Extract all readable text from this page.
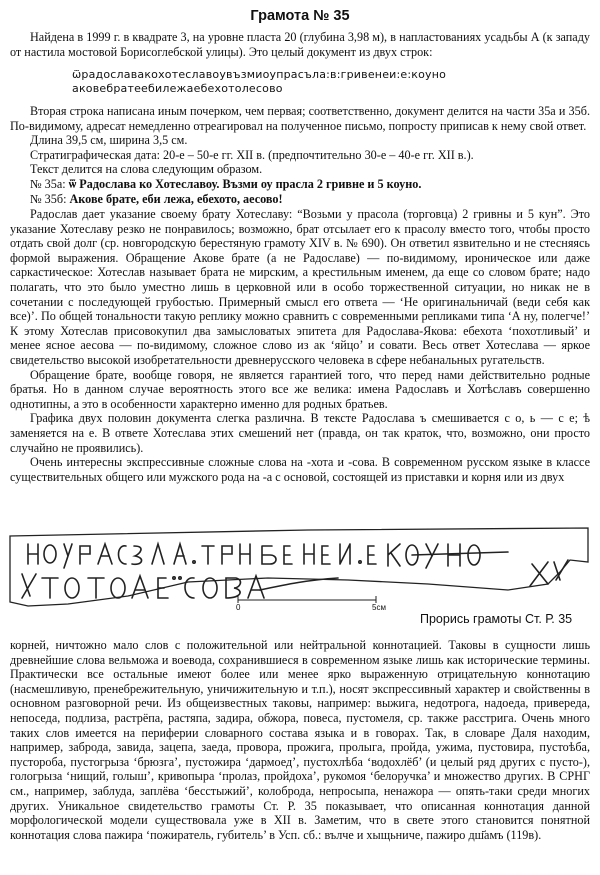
Грамота № 35

Найдена в 1999 г. в квадрате 3, на уровне пласта 20 (глубина 3,98 м), в напластованиях усадьбы А (к западу от настила мостовой Борисоглебской улицы). Это целый документ из двух строк:

ѿрадославакохотеславоувъзмиоупрасъла:в:гривенеи:е:коуно
аковебратеебилежаебехотолесово

Вторая строка написана иным почерком, чем первая; соответственно, документ делится на части 35а и 35б. По-видимому, адресат немедленно отреагировал на полученное письмо, попросту приписав к нему свой ответ.

Длина 39,5 см, ширина 3,5 см.

Стратиграфическая дата: 20-е – 50-е гг. XII в. (предпочтительно 30-е – 40-е гг. XII в.).

Текст делится на слова следующим образом.

№ 35а: ѿ Радослава ко Хотеславоу. Възми оу прасла 2 гривне и 5 коуно.

№ 35б: Акове брате, еби лежа, ебехото, аесово!

Радослав дает указание своему брату Хотеславу: “Возьми у прасола (торговца) 2 гривны и 5 кун”. Это указание Хотеславу резко не понравилось; возможно, брат отсылает его к прасолу вместо того, чтобы просто отдать свой долг (ср. новгородскую берестяную грамоту XIV в. № 690). Он ответил язвительно и не стесняясь формой выражения. Обращение Акове брате (а не Радославе) — по-видимому, ироническое или даже саркастическое: Хотеслав называет брата не мирским, а крестильным именем, да еще со словом брате; надо полагать, что это было уместно лишь в церковной или в особо торжественной ситуации, но никак не в сочетании с последующей грубостью. Примерный смысл его ответа — ‘Не оригинальничай (веди себя как все)’. По общей тональности такую реплику можно сравнить с современными репликами типа ‘А ну, полегче!’ К этому Хотеслав присовокупил два замысловатых эпитета для Радослава-Якова: ебехота ‘похотливый’ и менее ясное аесова — по-видимому, сложное слово из ак ‘яйцо’ и совати. Весь ответ Хотеслава — яркое свидетельство высокой изобретательности древнерусского человека в сфере небанальных ругательств.

Обращение брате, вообще говоря, не является гарантией того, что перед нами действительно родные братья. Но в данном случае вероятность этого все же велика: имена Радославъ и Хотѣславъ совершенно однотипны, а это в особенности характерно именно для родных братьев.

Графика двух половин документа слегка различна. В тексте Радослава ъ смешивается с о, ь — с е; ѣ заменяется на е. В ответе Хотеслава этих смешений нет (правда, он так краток, что, возможно, они просто случайно не проявились).

Очень интересны экспрессивные сложные слова на -хота и -сова. В современном русском языке в классе существительных общего или мужского рода на -а с основой, состоящей из приставки и корня или из двух

0	5см
Прорись грамоты Ст. Р. 35

корней, ничтожно мало слов с положительной или нейтральной коннотацией. Таковы в сущности лишь древнейшие слова вельможа и воевода, сохранившиеся в современном языке лишь как исторические термины. Практически все остальные имеют более или менее ярко выраженную отрицательную коннотацию (насмешливую, пренебрежительную, уничижительную и т.п.), носят экспрессивный характер и свойственны в основном разговорной речи. Из общеизвестных таковы, например: выжига, недотрога, надоеда, привереда, непоседа, подлиза, растрёпа, растяпа, задира, обжора, повеса, пустомеля, ср. также расстрига. Очень много таких слов имеется на периферии словарного состава языка и в говорах. Так, в словаре Даля находим, например, заброда, завида, зацепа, заеда, провора, прожига, пролыга, пройда, ужима, пустовира, пустоѣба, пустороба, пустогрыза ‘брюзга’, пустожира ‘дармоед’, пустохлѣба ‘водохлёб’ (и целый ряд других с пусто-), гологрыза ‘нищий, голыш’, кривопыра ‘пролаз, пройдоха’, рукомоя ‘белоручка’ и множество других. В СРНГ см., например, заблуда, заплёва ‘бесстыжий’, колоброда, непросыпа, ненажора — опять-таки среди многих других. Уникальное свидетельство грамоты Ст. Р. 35 показывает, что описанная коннотация данной морфологической модели существовала уже в XII в. Заметим, что в свете этого становится понятной коннотация слова пажира ‘пожиратель, губитель’ в Усп. сб.: вълче и хыщьниче, пажиро дш҃амъ (119в).
